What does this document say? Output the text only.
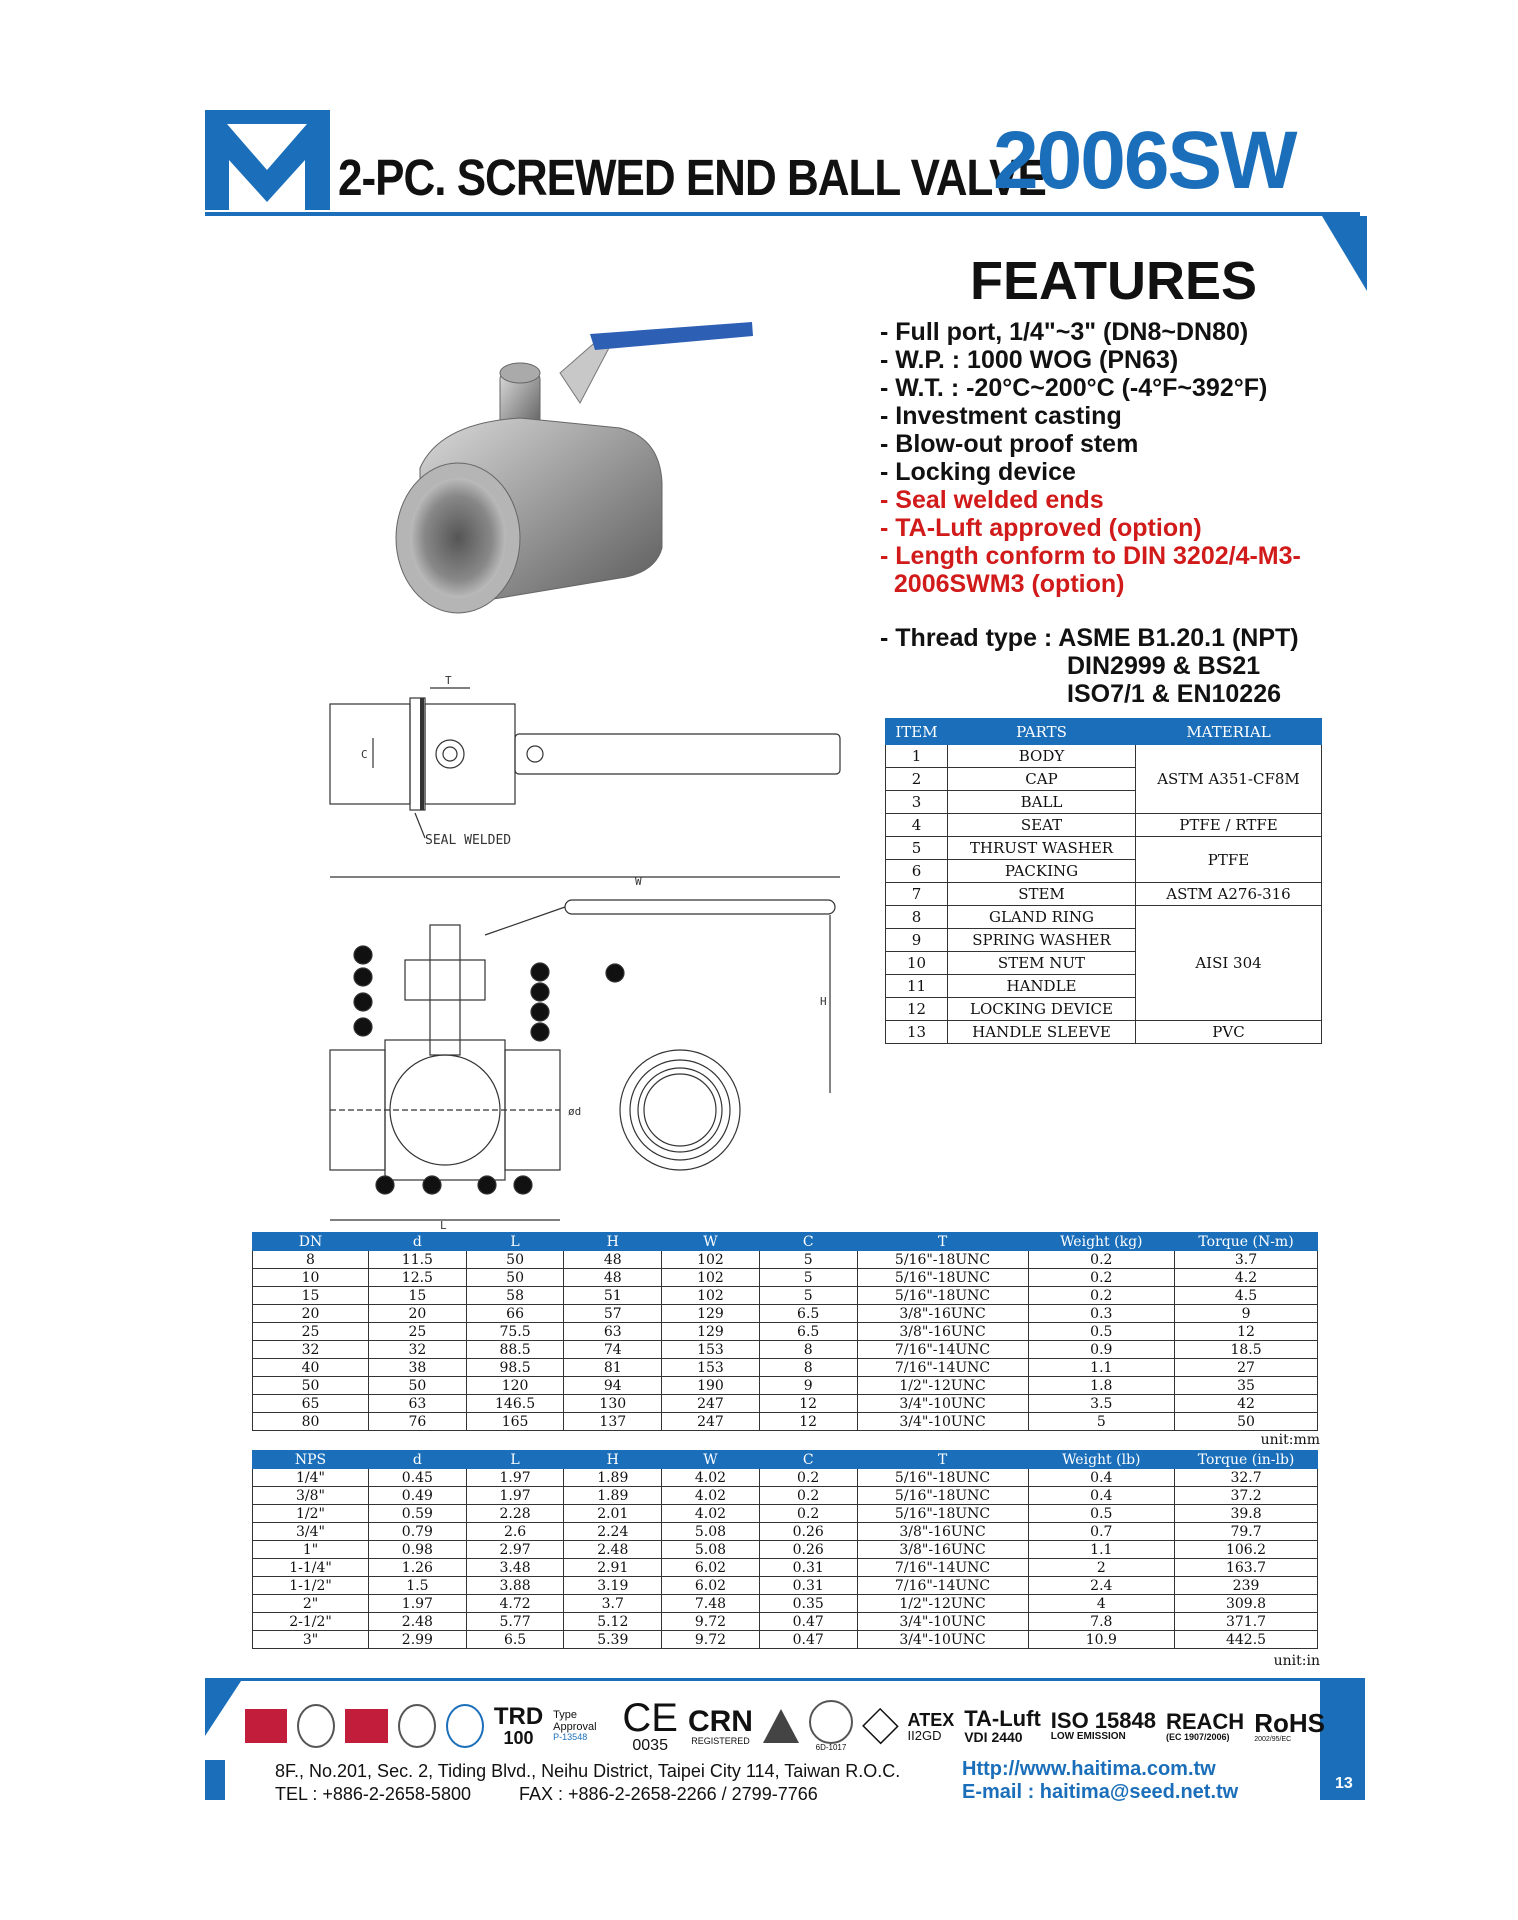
2-PC. SCREWED END BALL VALVE
2006SW
T
C
SEAL WELDED
W
H
ød
L
10
9
11
7
12
8
6
5
13
2	3	4 1
FEATURES
- Full port, 1/4"~3" (DN8~DN80)
- W.P. : 1000 WOG (PN63)
- W.T. : -20°C~200°C (-4°F~392°F)
- Investment casting
- Blow-out proof stem
- Locking device
- Seal welded ends
- TA-Luft approved (option)
- Length conform to DIN 3202/4-M3-
2006SWM3 (option)
- Thread type : ASME B1.20.1 (NPT)
DIN2999 & BS21
ISO7/1 & EN10226
ITEM	PARTS	MATERIAL
1	BODY	ASTM A351-CF8M
2	CAP	
3	BALL	
4	SEAT	PTFE / RTFE
5	THRUST WASHER	PTFE
6	PACKING	
7	STEM	ASTM A276-316
8	GLAND RING	AISI 304
9	SPRING WASHER	
10	STEM NUT	
11	HANDLE	
12	LOCKING DEVICE	
13	HANDLE SLEEVE	PVC
DN	d	L	H	W	C	T	Weight (kg)	Torque (N-m)
8	11.5	50	48	102	5	5/16"-18UNC	0.2	3.7
10	12.5	50	48	102	5	5/16"-18UNC	0.2	4.2
15	15	58	51	102	5	5/16"-18UNC	0.2	4.5
20	20	66	57	129	6.5	3/8"-16UNC	0.3	9
25	25	75.5	63	129	6.5	3/8"-16UNC	0.5	12
32	32	88.5	74	153	8	7/16"-14UNC	0.9	18.5
40	38	98.5	81	153	8	7/16"-14UNC	1.1	27
50	50	120	94	190	9	1/2"-12UNC	1.8	35
65	63	146.5	130	247	12	3/4"-10UNC	3.5	42
80	76	165	137	247	12	3/4"-10UNC	5	50
unit:mm
NPS	d	L	H	W	C	T	Weight (lb)	Torque (in-lb)
1/4"	0.45	1.97	1.89	4.02	0.2	5/16"-18UNC	0.4	32.7
3/8"	0.49	1.97	1.89	4.02	0.2	5/16"-18UNC	0.4	37.2
1/2"	0.59	2.28	2.01	4.02	0.2	5/16"-18UNC	0.5	39.8
3/4"	0.79	2.6	2.24	5.08	0.26	3/8"-16UNC	0.7	79.7
1"	0.98	2.97	2.48	5.08	0.26	3/8"-16UNC	1.1	106.2
1-1/4"	1.26	3.48	2.91	6.02	0.31	7/16"-14UNC	2	163.7
1-1/2"	1.5	3.88	3.19	6.02	0.31	7/16"-14UNC	2.4	239
2"	1.97	4.72	3.7	7.48	0.35	1/2"-12UNC	4	309.8
2-1/2"	2.48	5.77	5.12	9.72	0.47	3/4"-10UNC	7.8	371.7
3"	2.99	6.5	5.39	9.72	0.47	3/4"-10UNC	10.9	442.5
unit:in
TRD
100
Type Approval
P-13548 CE
0035
CRN
REGISTERED
6D-1017
ATEX
II2GD
TA-Luft
VDI 2440
ISO 15848
LOW EMISSION
REACH
(EC 1907/2006) RoHS
2002/95/EC
8F., No.201, Sec. 2, Tiding Blvd., Neihu District, Taipei City 114, Taiwan R.O.C.
TEL : +886-2-2658-5800	FAX : +886-2-2658-2266 / 2799-7766
Http://www.haitima.com.tw
E-mail : haitima@seed.net.tw	13
